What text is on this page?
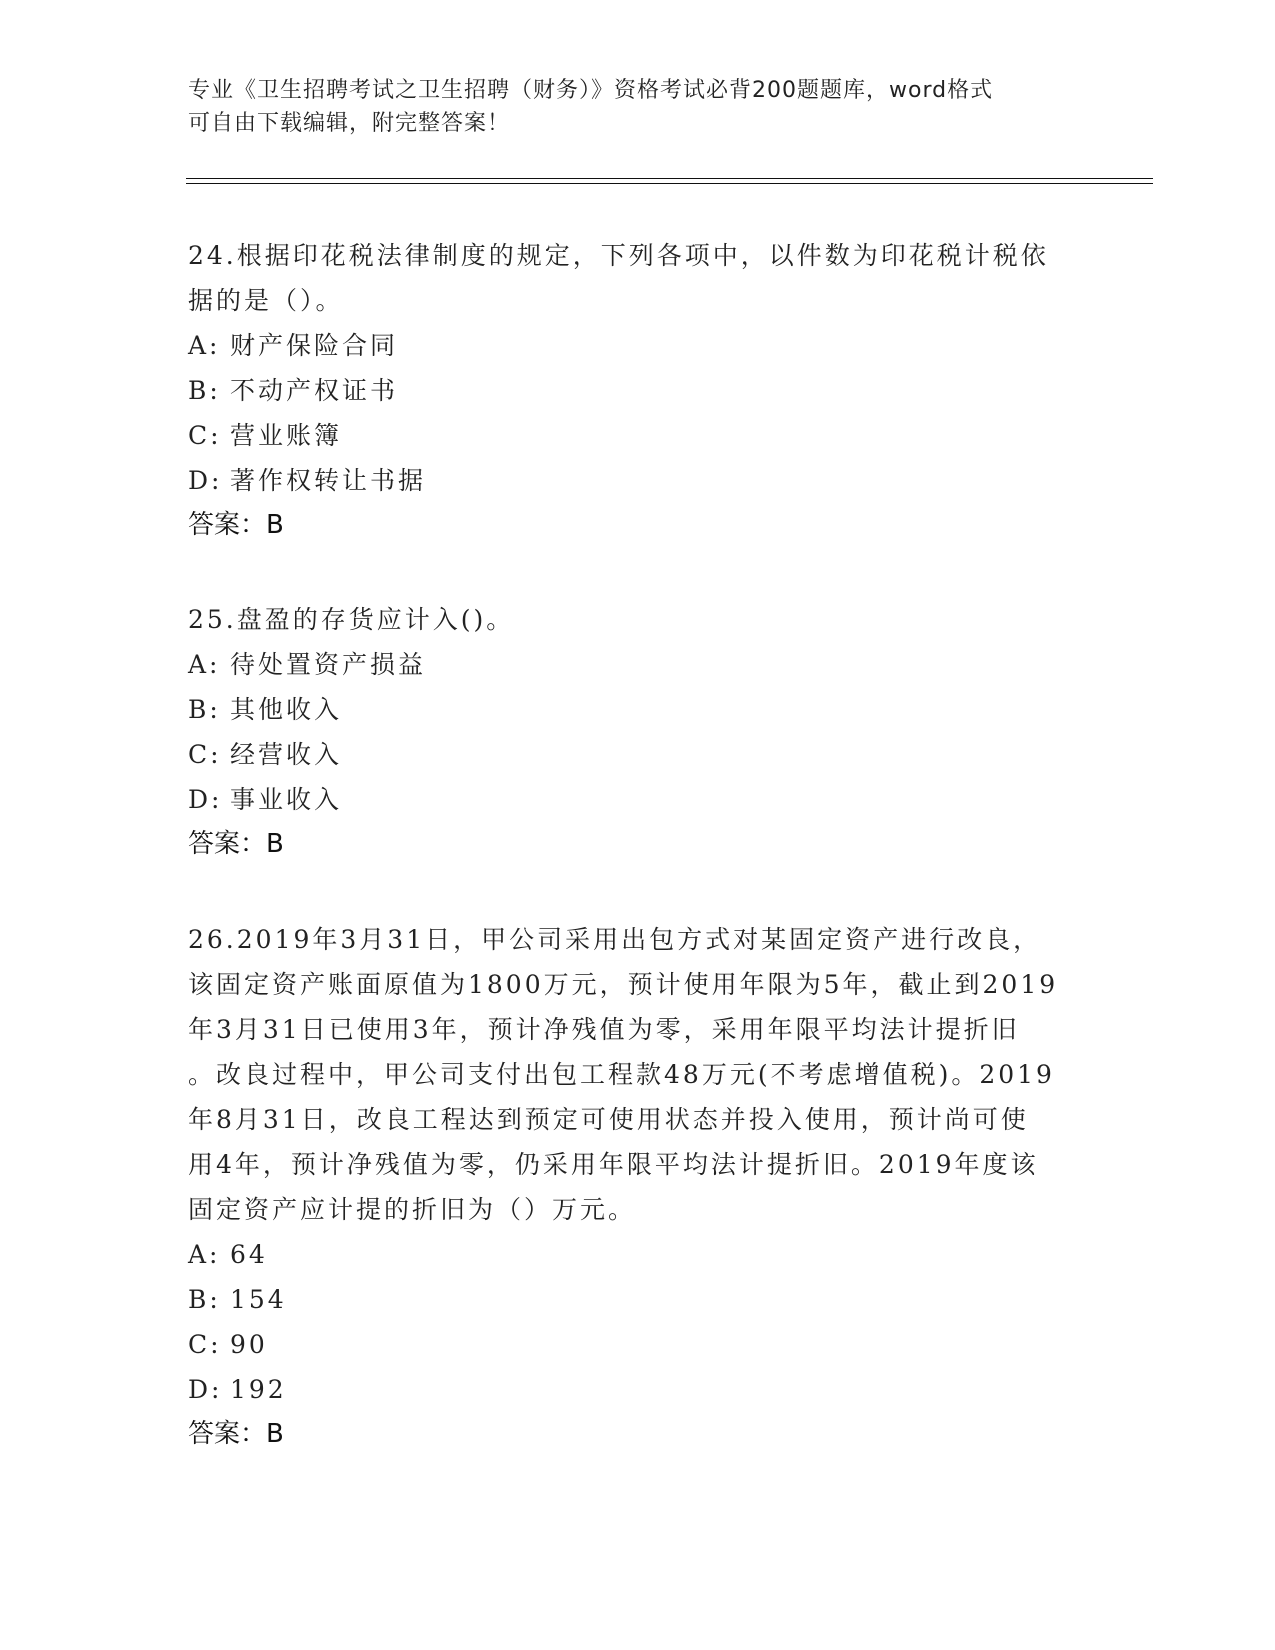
专业《卫生招聘考试之卫生招聘（财务）》资格考试必背200题题库，word格式
可自由下载编辑，附完整答案！
24.根据印花税法律制度的规定，下列各项中，以件数为印花税计税依
据的是（）。
A: 财产保险合同
B: 不动产权证书
C: 营业账簿
D: 著作权转让书据
答案：B
25.盘盈的存货应计入()。
A: 待处置资产损益
B: 其他收入
C: 经营收入
D: 事业收入
答案：B
26.2019年3月31日，甲公司采用出包方式对某固定资产进行改良，
该固定资产账面原值为1800万元，预计使用年限为5年，截止到2019
年3月31日已使用3年，预计净残值为零，采用年限平均法计提折旧
。改良过程中，甲公司支付出包工程款48万元(不考虑增值税)。2019
年8月31日，改良工程达到预定可使用状态并投入使用，预计尚可使
用4年，预计净残值为零，仍采用年限平均法计提折旧。2019年度该
固定资产应计提的折旧为（）万元。
A: 64
B: 154
C: 90
D: 192
答案：B
